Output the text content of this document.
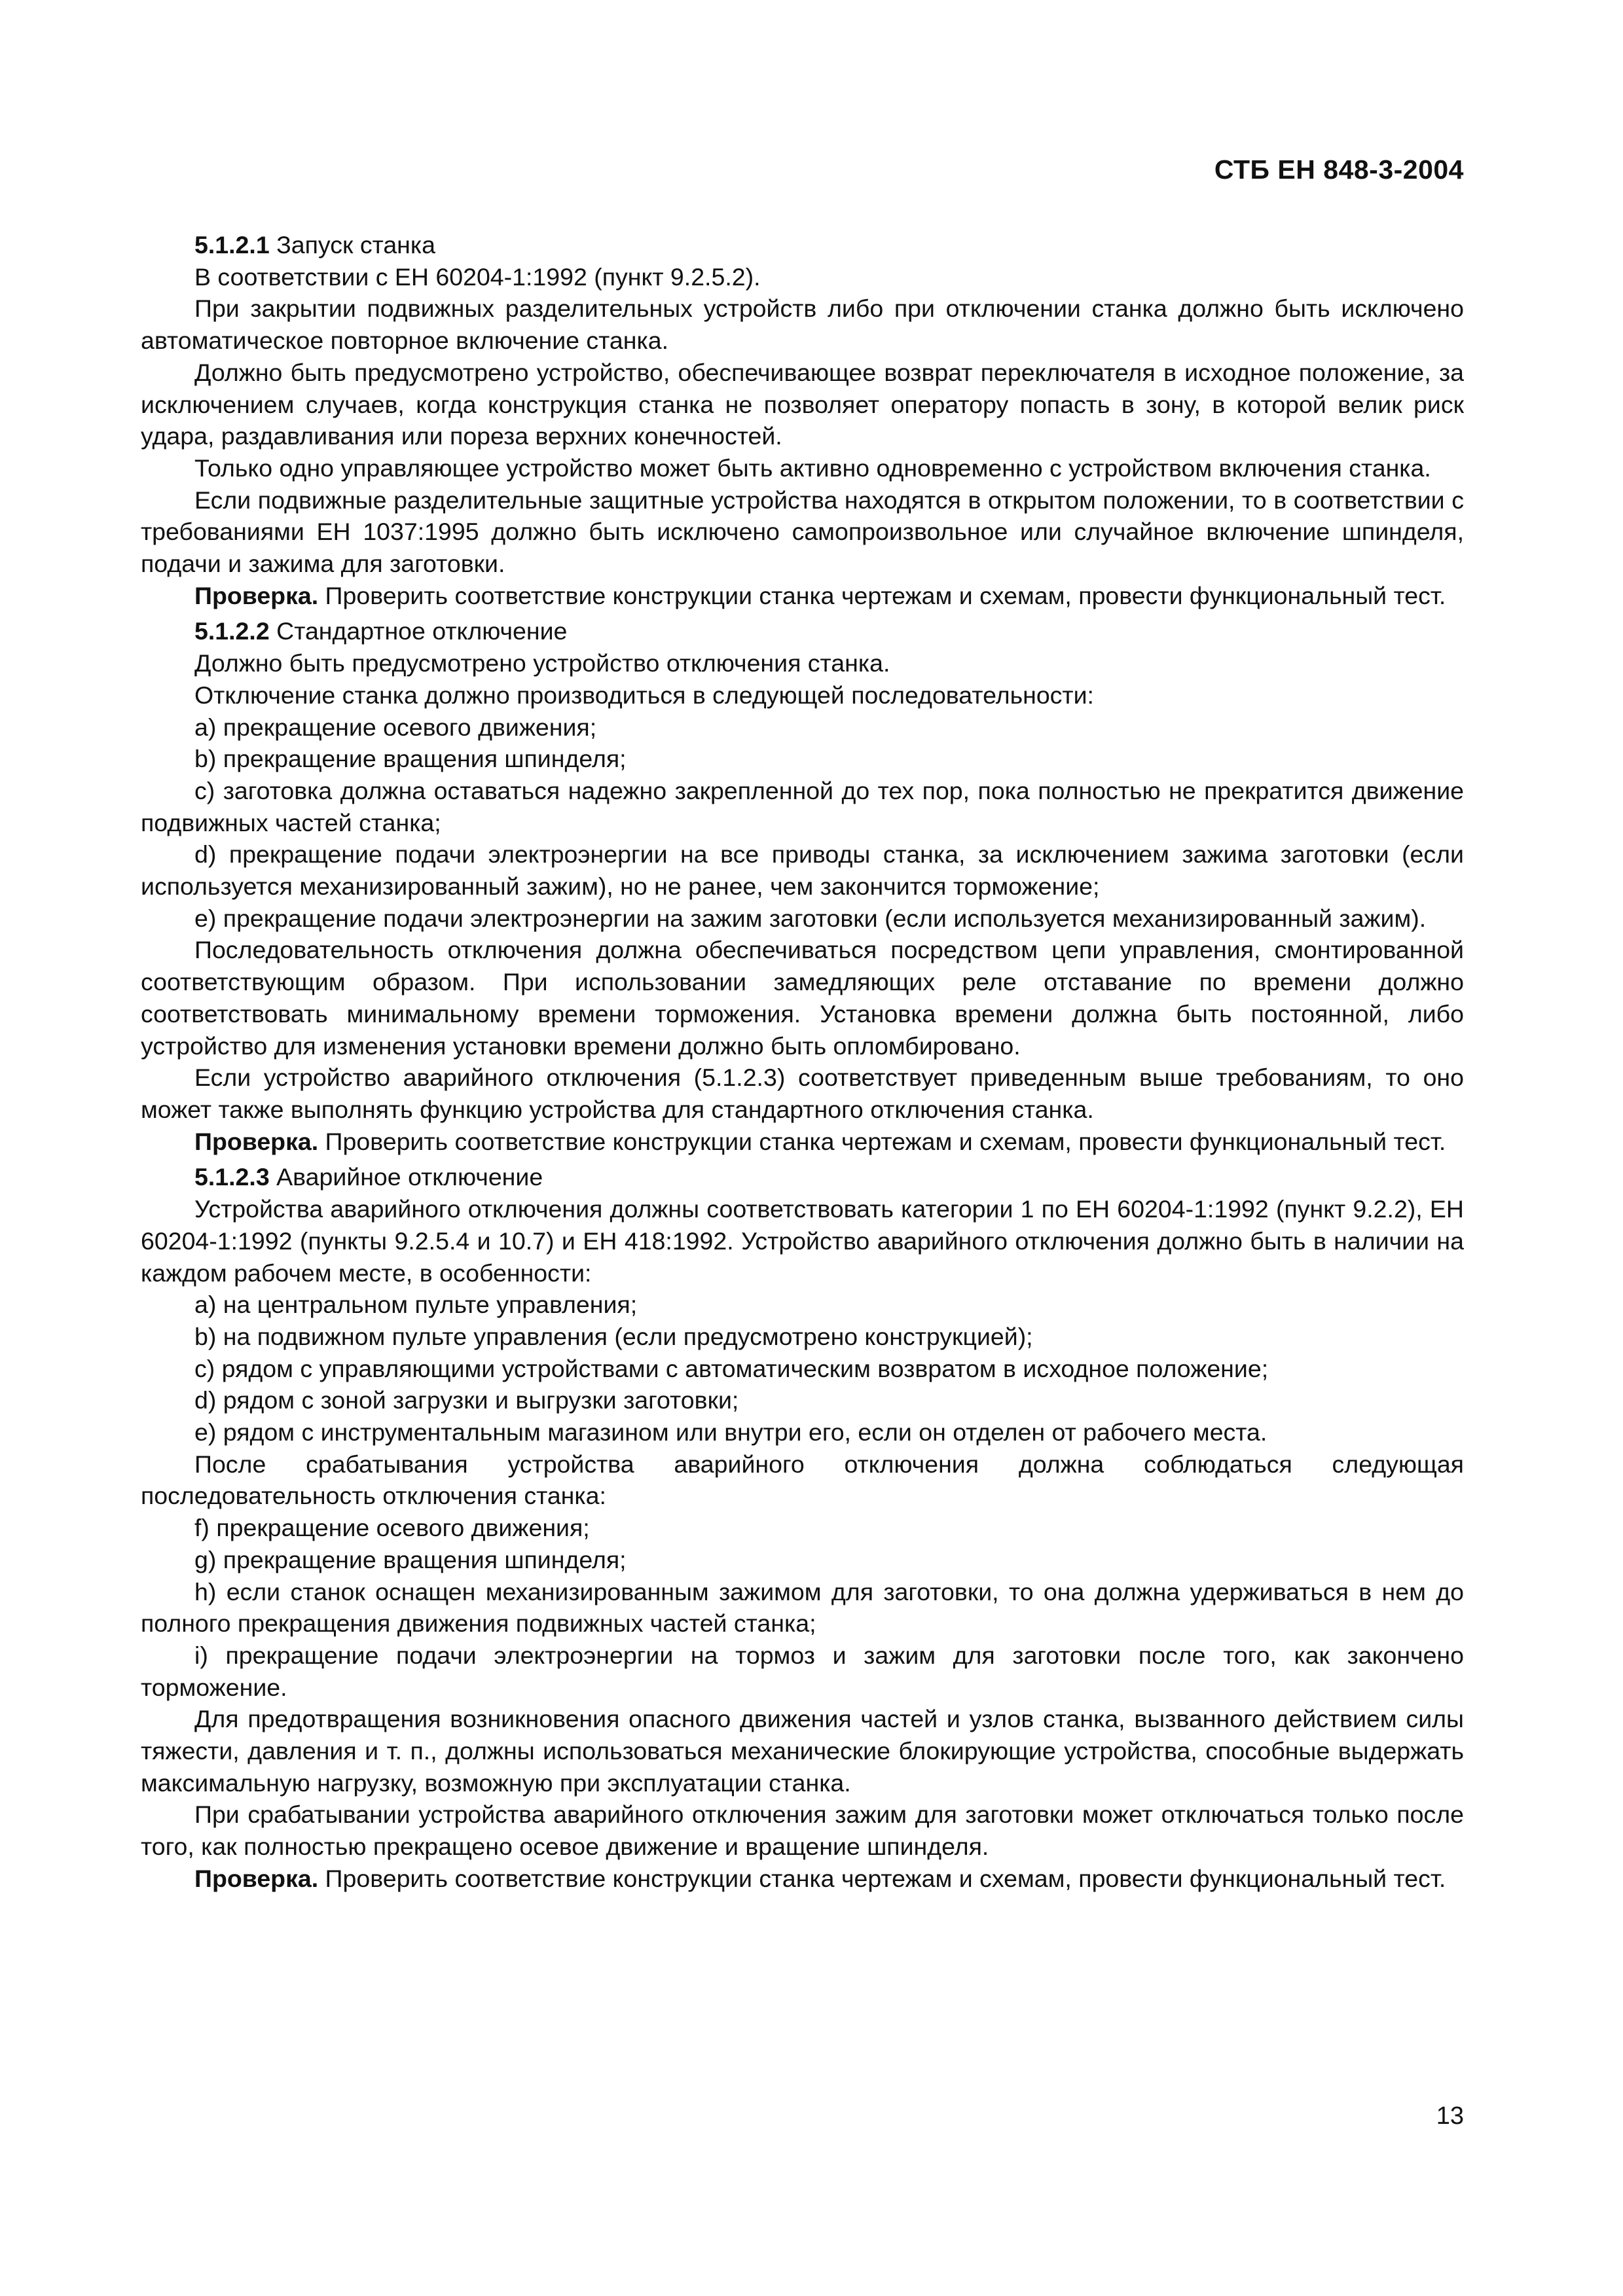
СТБ ЕН 848-3-2004

5.1.2.1 Запуск станка

В соответствии с ЕН 60204-1:1992 (пункт 9.2.5.2).

При закрытии подвижных разделительных устройств либо при отключении станка должно быть исключено автоматическое повторное включение станка.

Должно быть предусмотрено устройство, обеспечивающее возврат переключателя в исходное положение, за исключением случаев, когда конструкция станка не позволяет оператору попасть в зону, в которой велик риск удара, раздавливания или пореза верхних конечностей.

Только одно управляющее устройство может быть активно одновременно с устройством включения станка.

Если подвижные разделительные защитные устройства находятся в открытом положении, то в соответствии с требованиями ЕН 1037:1995 должно быть исключено самопроизвольное или случайное включение шпинделя, подачи и зажима для заготовки.

Проверка. Проверить соответствие конструкции станка чертежам и схемам, провести функциональный тест.

5.1.2.2 Стандартное отключение

Должно быть предусмотрено устройство отключения станка.

Отключение станка должно производиться в следующей последовательности:

a) прекращение осевого движения;

b) прекращение вращения шпинделя;

c) заготовка должна оставаться надежно закрепленной до тех пор, пока полностью не прекратится движение подвижных частей станка;

d) прекращение подачи электроэнергии на все приводы станка, за исключением зажима заготовки (если используется механизированный зажим), но не ранее, чем закончится торможение;

e) прекращение подачи электроэнергии на зажим заготовки (если используется механизированный зажим).

Последовательность отключения должна обеспечиваться посредством цепи управления, смонтированной соответствующим образом. При использовании замедляющих реле отставание по времени должно соответствовать минимальному времени торможения. Установка времени должна быть постоянной, либо устройство для изменения установки времени должно быть опломбировано.

Если устройство аварийного отключения (5.1.2.3) соответствует приведенным выше требованиям, то оно может также выполнять функцию устройства для стандартного отключения станка.

Проверка. Проверить соответствие конструкции станка чертежам и схемам, провести функциональный тест.

5.1.2.3 Аварийное отключение

Устройства аварийного отключения должны соответствовать категории 1 по ЕН 60204-1:1992 (пункт 9.2.2), ЕН 60204-1:1992 (пункты 9.2.5.4 и 10.7) и ЕН 418:1992. Устройство аварийного отключения должно быть в наличии на каждом рабочем месте, в особенности:

a) на центральном пульте управления;

b) на подвижном пульте управления (если предусмотрено конструкцией);

c) рядом с управляющими устройствами с автоматическим возвратом в исходное положение;

d) рядом с зоной загрузки и выгрузки заготовки;

e) рядом с инструментальным магазином или внутри его, если он отделен от рабочего места.

После срабатывания устройства аварийного отключения должна соблюдаться следующая последовательность отключения станка:

f) прекращение осевого движения;

g) прекращение вращения шпинделя;

h) если станок оснащен механизированным зажимом для заготовки, то она должна удерживаться в нем до полного прекращения движения подвижных частей станка;

i) прекращение подачи электроэнергии на тормоз и зажим для заготовки после того, как закончено торможение.

Для предотвращения возникновения опасного движения частей и узлов станка, вызванного действием силы тяжести, давления и т. п., должны использоваться механические блокирующие устройства, способные выдержать максимальную нагрузку, возможную при эксплуатации станка.

При срабатывании устройства аварийного отключения зажим для заготовки может отключаться только после того, как полностью прекращено осевое движение и вращение шпинделя.

Проверка. Проверить соответствие конструкции станка чертежам и схемам, провести функциональный тест.

13
